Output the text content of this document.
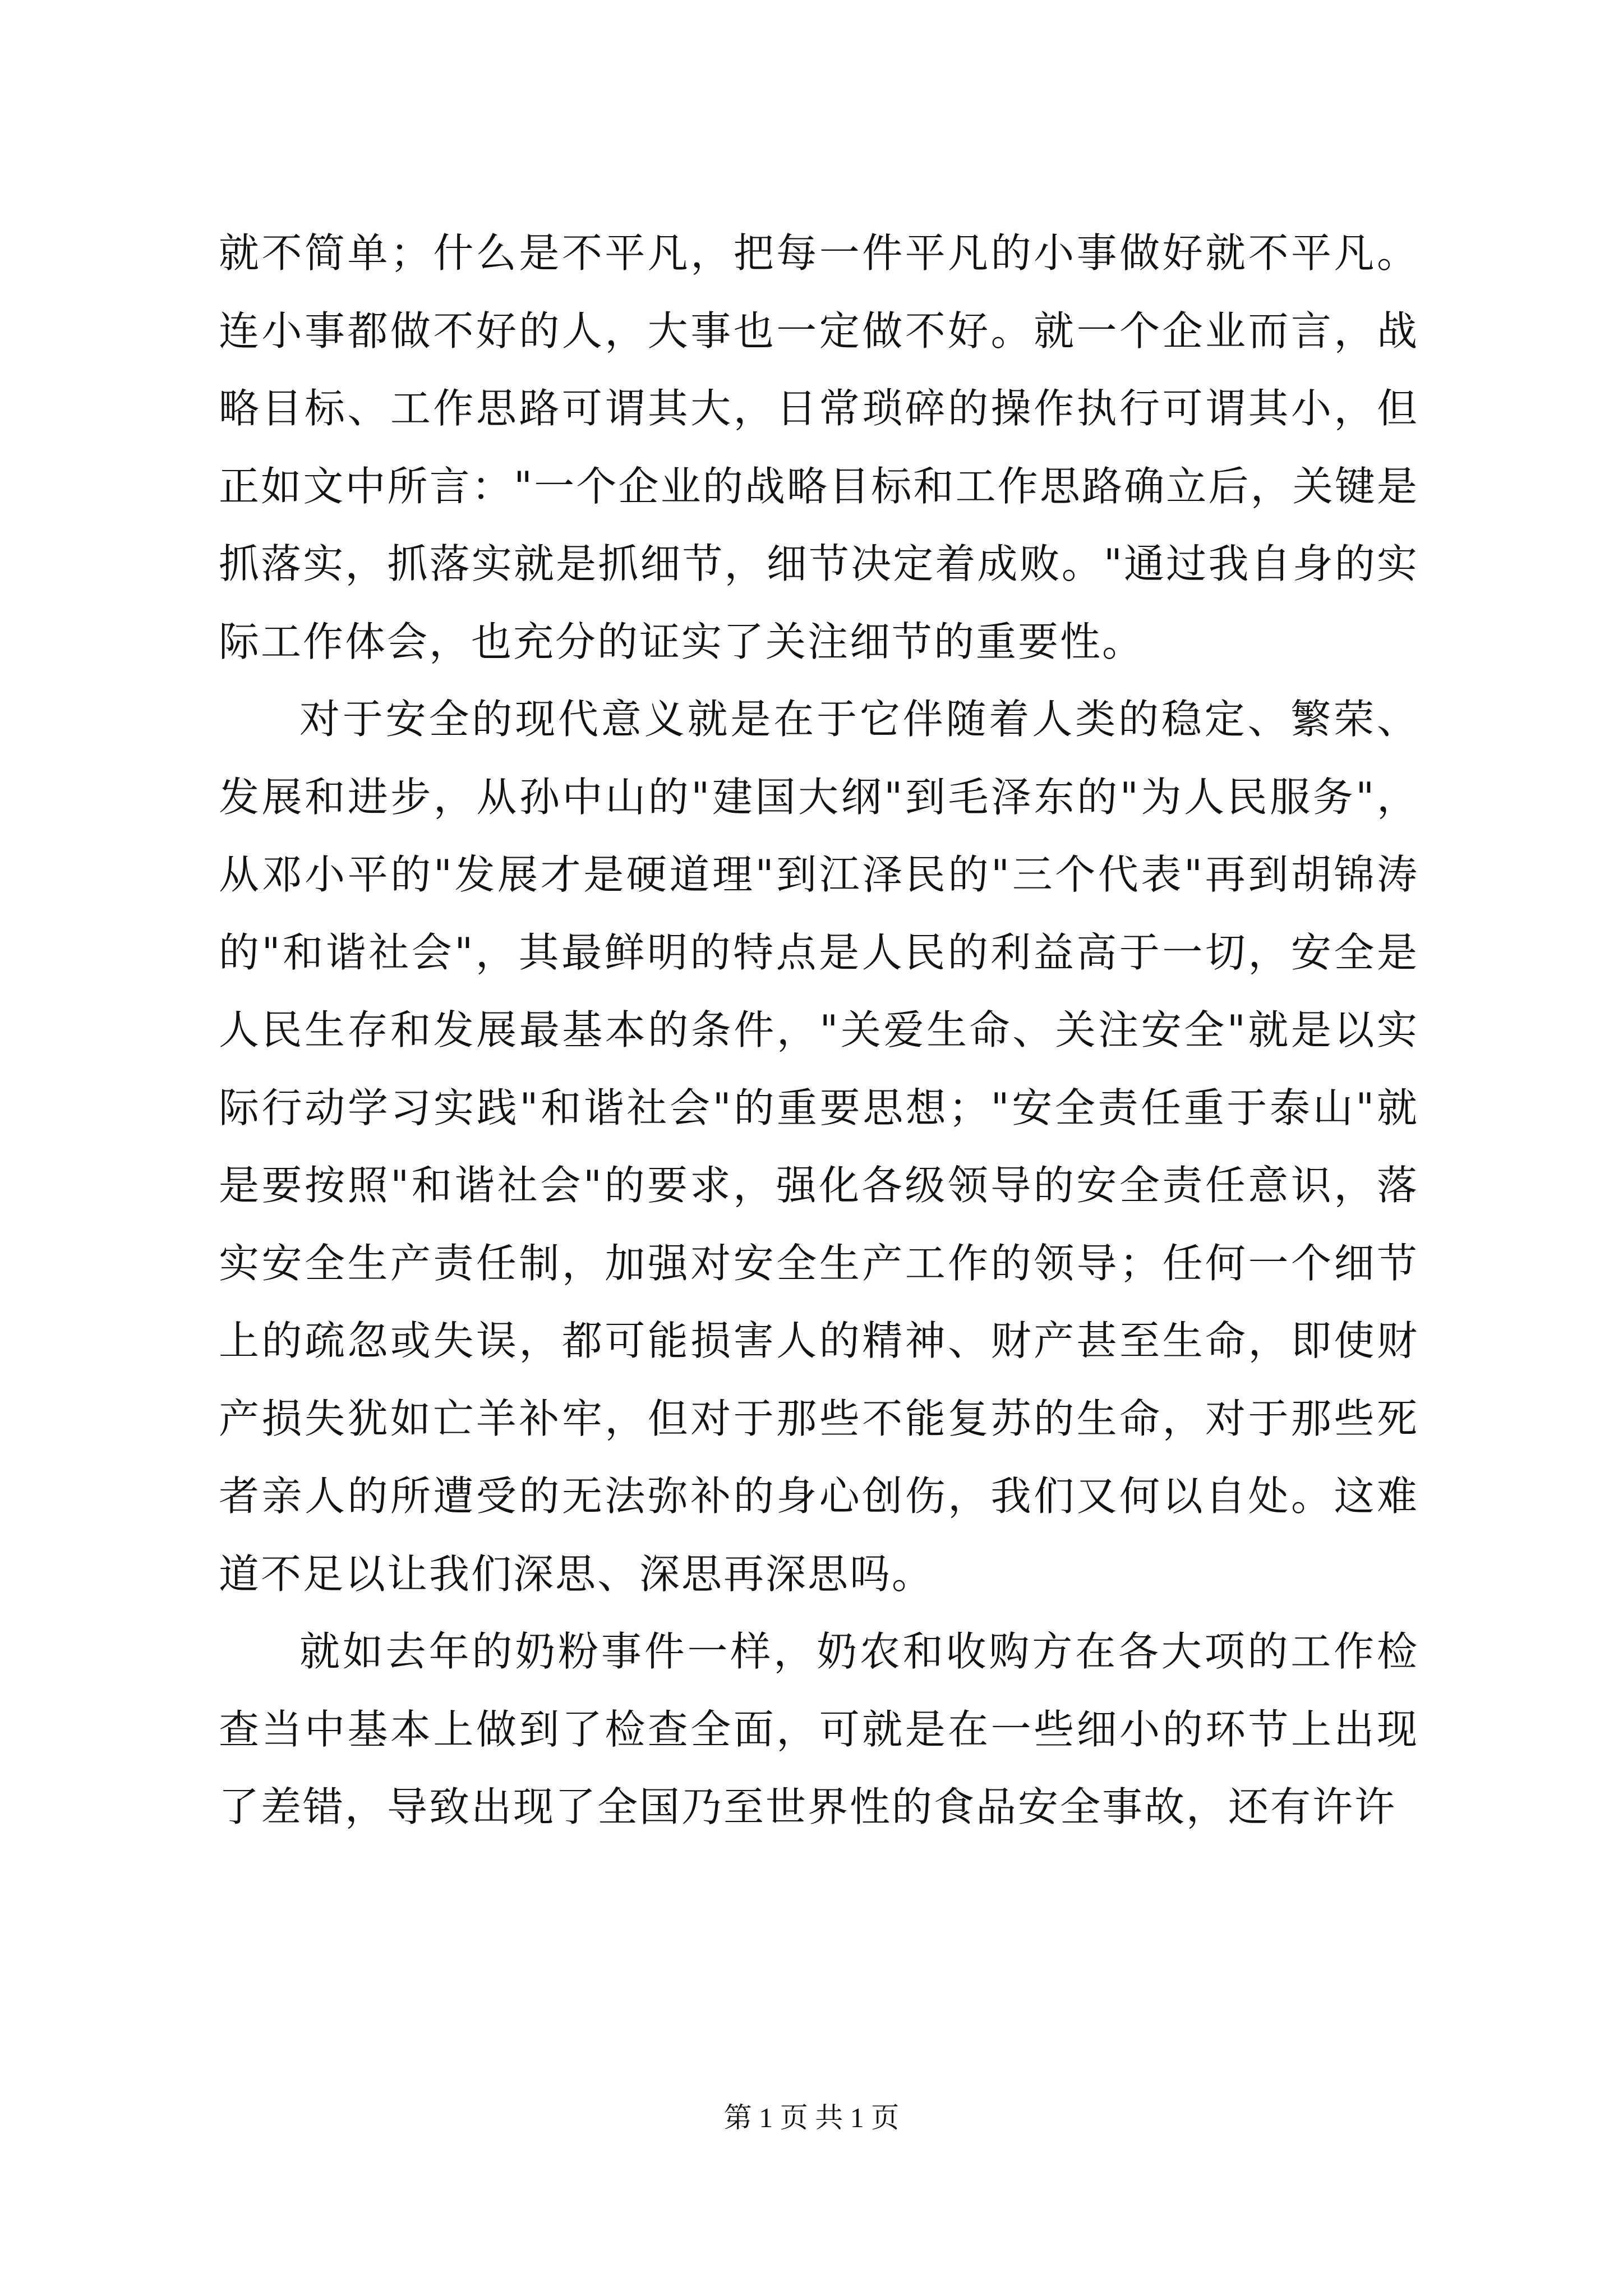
就不简单；什么是不平凡，把每一件平凡的小事做好就不平凡。连小事都做不好的人，大事也一定做不好。就一个企业而言，战略目标、工作思路可谓其大，日常琐碎的操作执行可谓其小，但正如文中所言："一个企业的战略目标和工作思路确立后，关键是抓落实，抓落实就是抓细节，细节决定着成败。"通过我自身的实际工作体会，也充分的证实了关注细节的重要性。

对于安全的现代意义就是在于它伴随着人类的稳定、繁荣、发展和进步，从孙中山的"建国大纲"到毛泽东的"为人民服务"，从邓小平的"发展才是硬道理"到江泽民的"三个代表"再到胡锦涛的"和谐社会"，其最鲜明的特点是人民的利益高于一切，安全是人民生存和发展最基本的条件，"关爱生命、关注安全"就是以实际行动学习实践"和谐社会"的重要思想；"安全责任重于泰山"就是要按照"和谐社会"的要求，强化各级领导的安全责任意识，落实安全生产责任制，加强对安全生产工作的领导；任何一个细节上的疏忽或失误，都可能损害人的精神、财产甚至生命，即使财产损失犹如亡羊补牢，但对于那些不能复苏的生命，对于那些死者亲人的所遭受的无法弥补的身心创伤，我们又何以自处。这难道不足以让我们深思、深思再深思吗。

就如去年的奶粉事件一样，奶农和收购方在各大项的工作检查当中基本上做到了检查全面，可就是在一些细小的环节上出现了差错，导致出现了全国乃至世界性的食品安全事故，还有许许

第 1 页 共 1 页
